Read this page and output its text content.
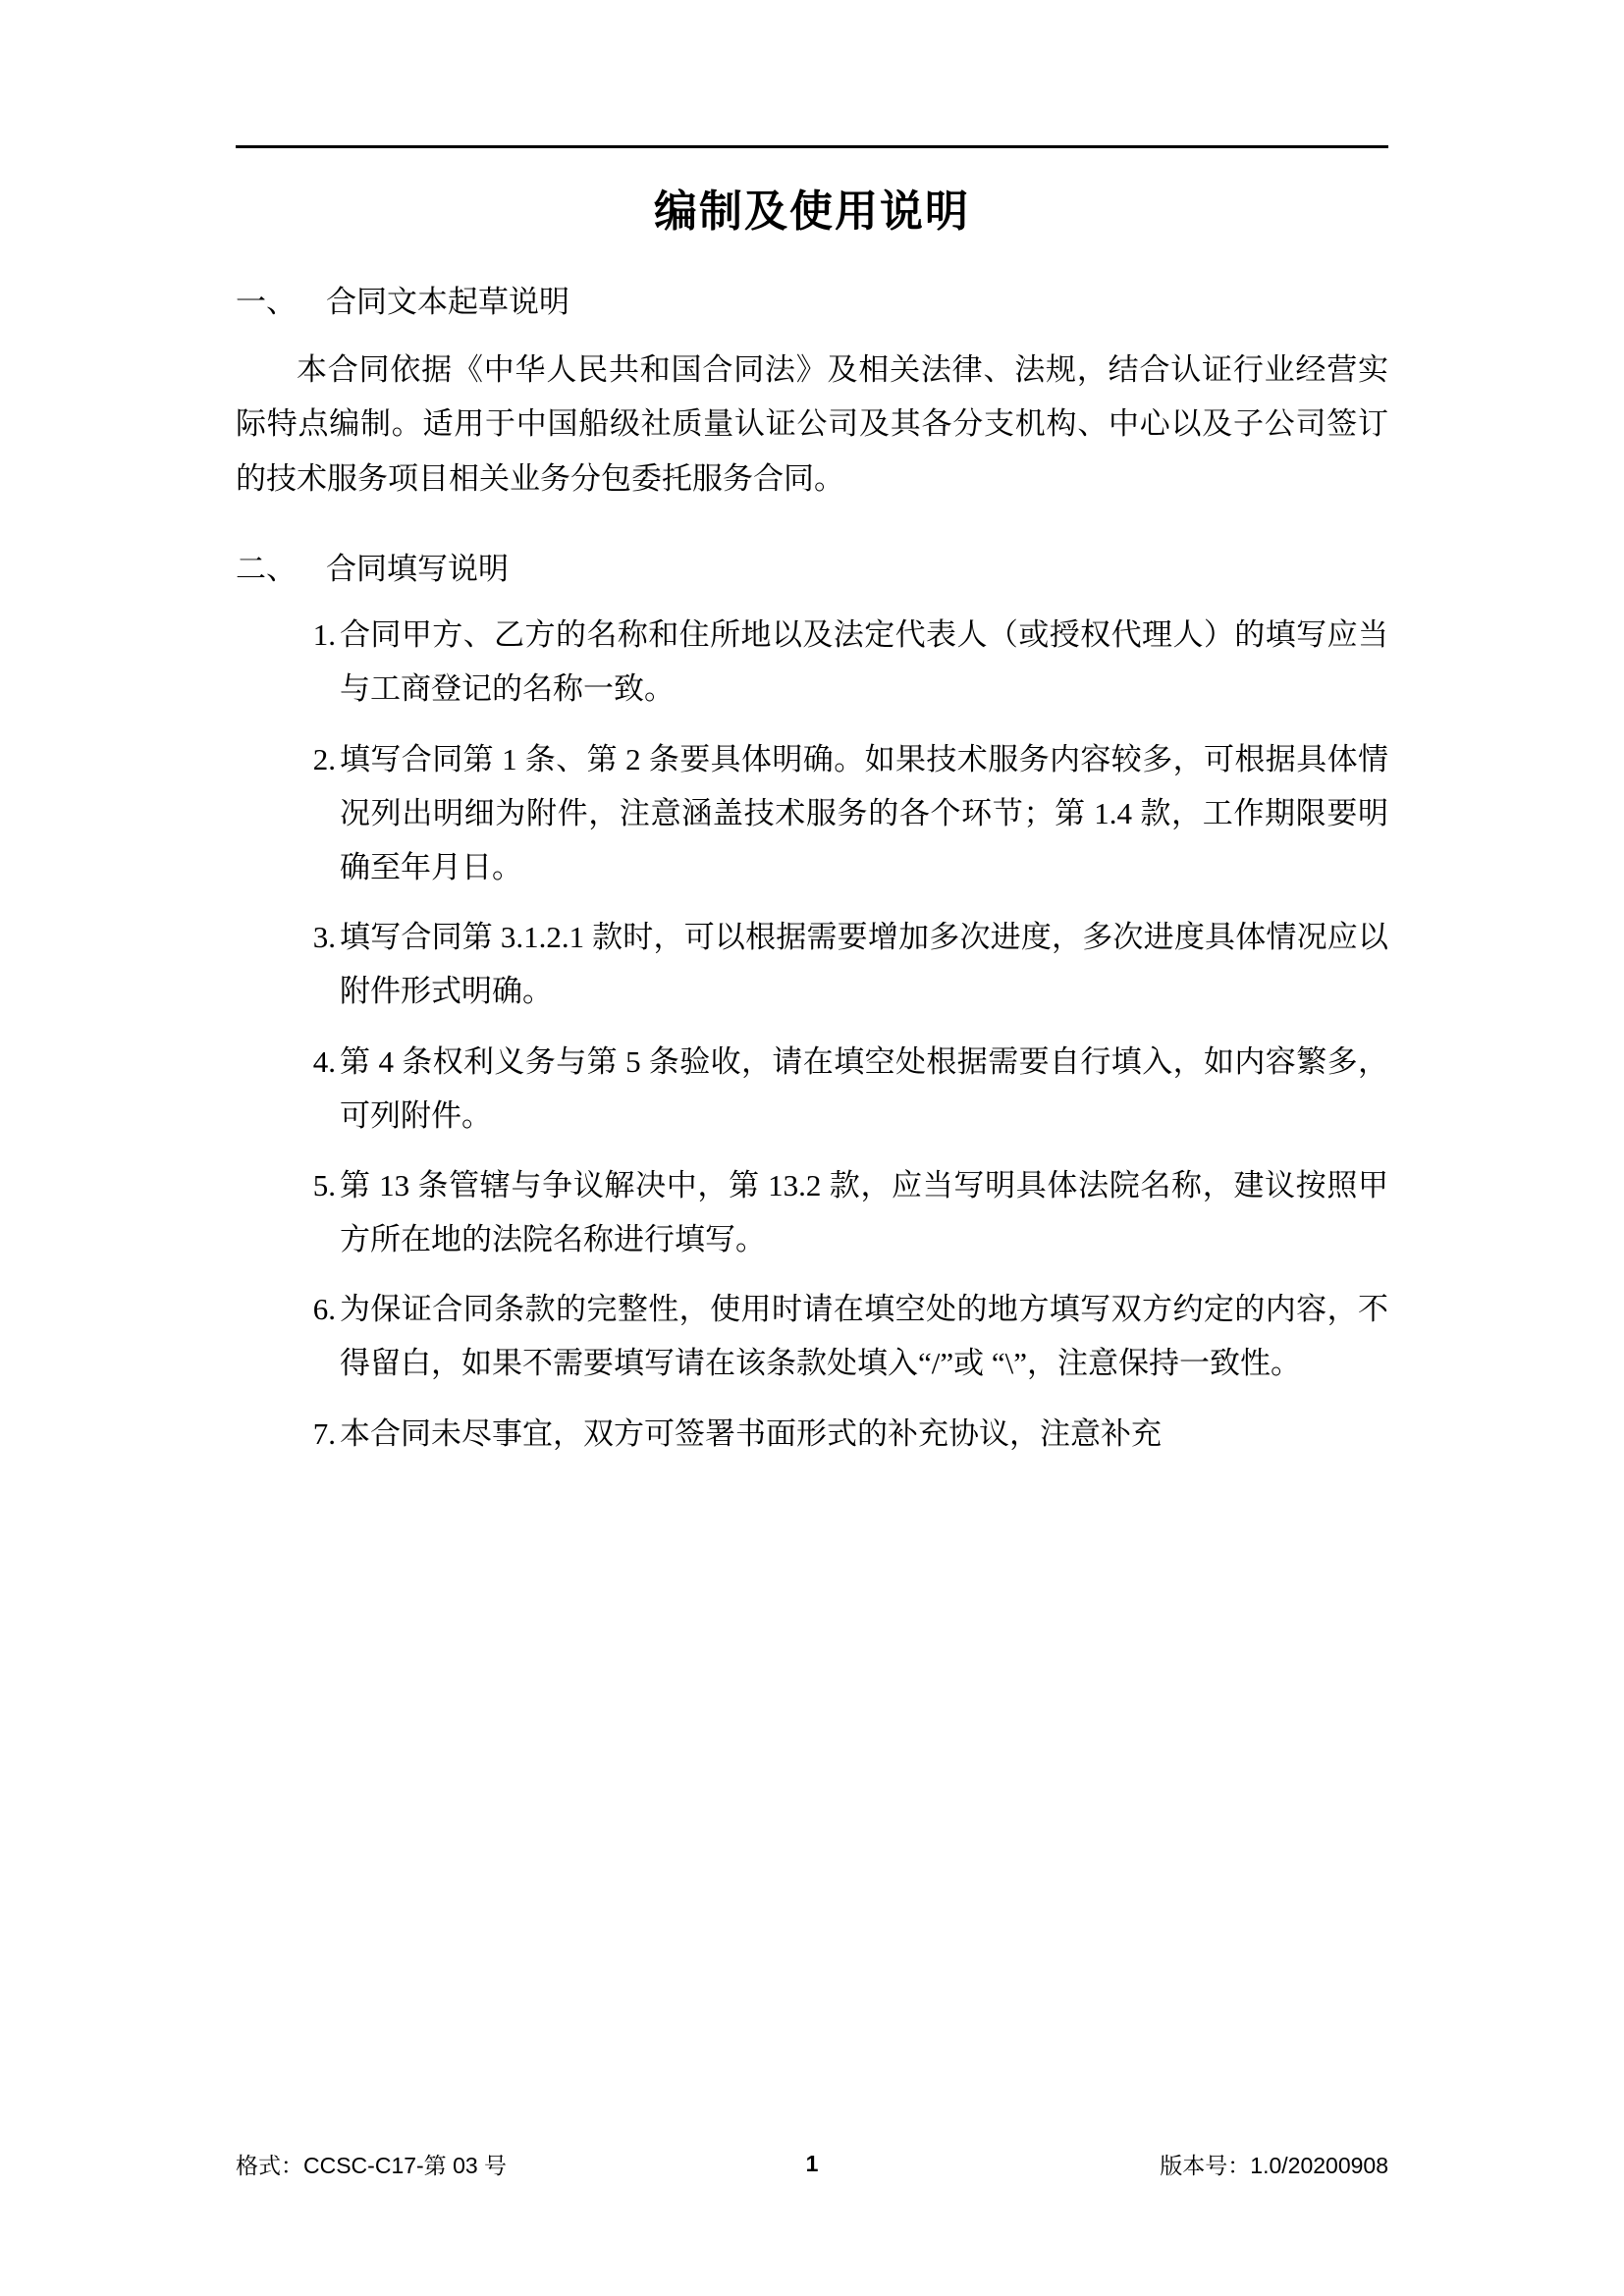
编制及使用说明
一、 合同文本起草说明

本合同依据《中华人民共和国合同法》及相关法律、法规，结合认证行业经营实际特点编制。适用于中国船级社质量认证公司及其各分支机构、中心以及子公司签订的技术服务项目相关业务分包委托服务合同。

二、 合同填写说明
1. 合同甲方、乙方的名称和住所地以及法定代表人（或授权代理人）的填写应当与工商登记的名称一致。
2. 填写合同第 1 条、第 2 条要具体明确。如果技术服务内容较多，可根据具体情况列出明细为附件，注意涵盖技术服务的各个环节；第 1.4 款，工作期限要明确至年月日。
3. 填写合同第 3.1.2.1 款时，可以根据需要增加多次进度，多次进度具体情况应以附件形式明确。
4. 第 4 条权利义务与第 5 条验收，请在填空处根据需要自行填入，如内容繁多，可列附件。
5. 第 13 条管辖与争议解决中，第 13.2 款，应当写明具体法院名称，建议按照甲方所在地的法院名称进行填写。
6. 为保证合同条款的完整性，使用时请在填空处的地方填写双方约定的内容，不得留白，如果不需要填写请在该条款处填入“/”或 “\”，注意保持一致性。
7. 本合同未尽事宜，双方可签署书面形式的补充协议，注意补充
格式：CCSC-C17-第 03 号	1	版本号：1.0/20200908
